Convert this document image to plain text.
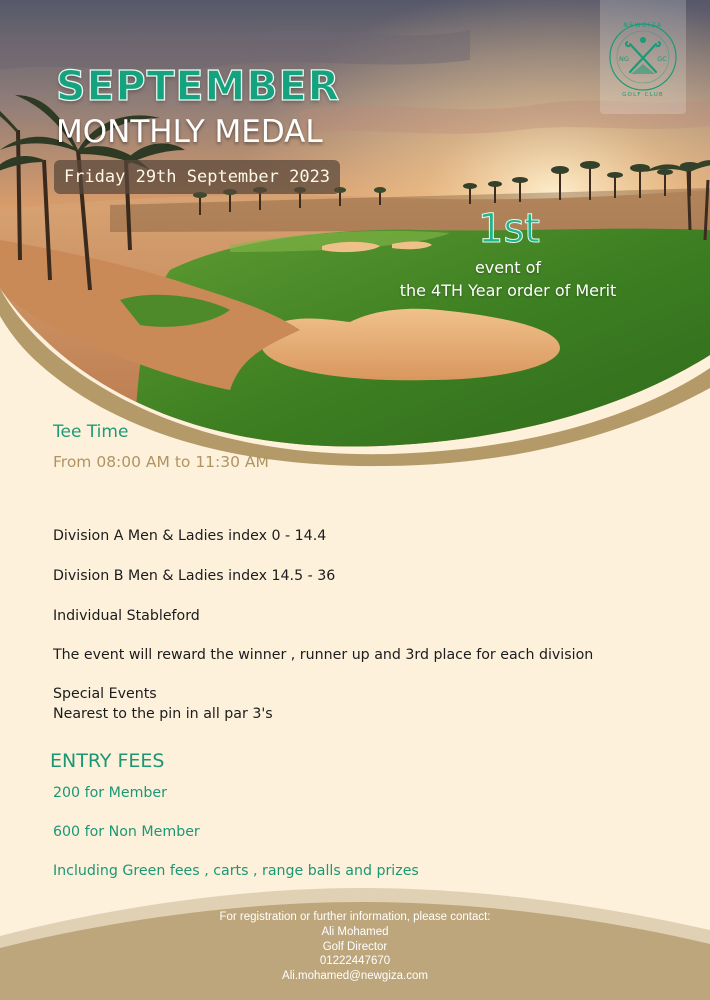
NEWGIZA
NG	GC
GOLF CLUB
SEPTEMBER
MONTHLY MEDAL
Friday 29th September 2023
1st
event of
the 4TH Year order of Merit
Tee Time
From 08:00 AM to 11:30 AM

Division A Men & Ladies index 0 - 14.4

Division B Men & Ladies index 14.5 - 36

Individual Stableford

The event will reward the winner , runner up and 3rd place for each division

Special Events

Nearest to the pin in all par 3's

ENTRY FEES
200 for Member
600 for Non Member
Including Green fees , carts , range balls and prizes
For registration or further information, please contact:
Ali Mohamed
Golf Director
01222447670
Ali.mohamed@newgiza.com
